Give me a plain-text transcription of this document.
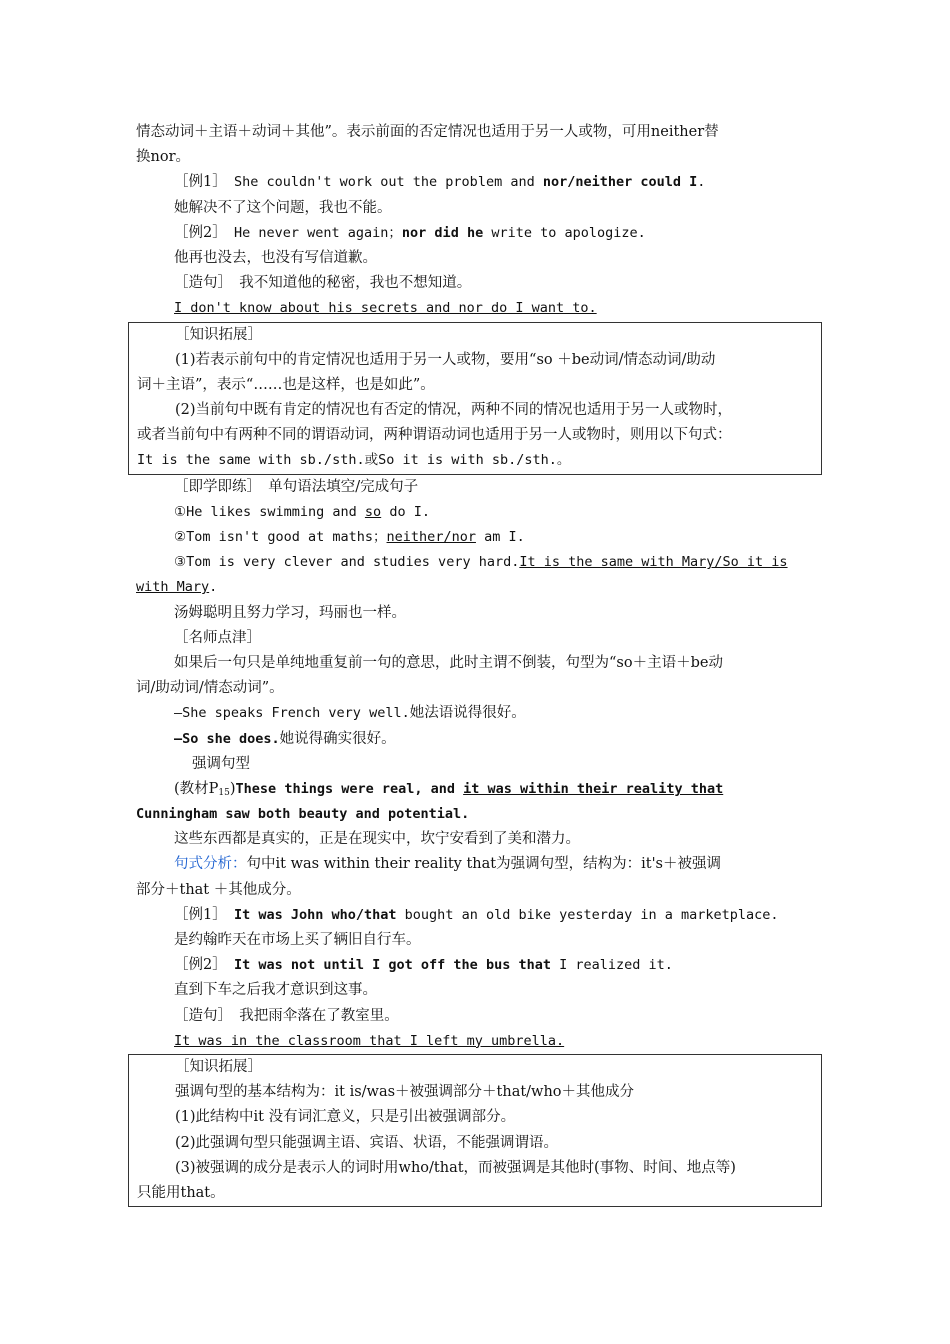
情态动词＋主语＋动词＋其他”。表示前面的否定情况也适用于另一人或物，可用neither替
换nor。
［例1］　 She couldn't work out the problem and nor/neither could I.
她解决不了这个问题，我也不能。
［例2］　 He never went again；nor did he write to apologize.
他再也没去，也没有写信道歉。
［造句］　 我不知道他的秘密，我也不想知道。
I don't know about his secrets and nor do I want to.
［知识拓展］
(1)若表示前句中的肯定情况也适用于另一人或物，要用“so ＋be动词/情态动词/助动
词＋主语”，表示“……也是这样，也是如此”。
(2)当前句中既有肯定的情况也有否定的情况，两种不同的情况也适用于另一人或物时，
或者当前句中有两种不同的谓语动词，两种谓语动词也适用于另一人或物时，则用以下句式：
It is the same with sb./sth.或So it is with sb./sth.。
［即学即练］　单句语法填空/完成句子
①He likes swimming and so do I.
②Tom isn't good at maths；neither/nor am I.
③Tom is very clever and studies very hard.It is the same with Mary/So it is
with Mary.
汤姆聪明且努力学习，玛丽也一样。
［名师点津］
如果后一句只是单纯地重复前一句的意思，此时主谓不倒装，句型为“so＋主语＋be动
词/助动词/情态动词”。
—She speaks French very well.她法语说得很好。
—So she does.她说得确实很好。
强调句型
(教材$P_{15})These$ things were real, and it was within their reality that
Cunningham saw both beauty and potential.
这些东西都是真实的，正是在现实中，坎宁安看到了美和潜力。
句式分析：句中it was within their reality that为强调句型，结构为：it's＋被强调
部分＋that ＋其他成分。
［例1］　 It was John who/that bought an old bike yesterday in a marketplace.
是约翰昨天在市场上买了辆旧自行车。
［例2］　 It was not until I got off the bus that I realized it.
直到下车之后我才意识到这事。
［造句］　 我把雨伞落在了教室里。
It was in the classroom that I left my umbrella.
［知识拓展］
强调句型的基本结构为：it is/was＋被强调部分＋that/who＋其他成分
(1)此结构中it 没有词汇意义，只是引出被强调部分。
(2)此强调句型只能强调主语、宾语、状语，不能强调谓语。
(3)被强调的成分是表示人的词时用who/that，而被强调是其他时(事物、时间、地点等)
只能用that。
